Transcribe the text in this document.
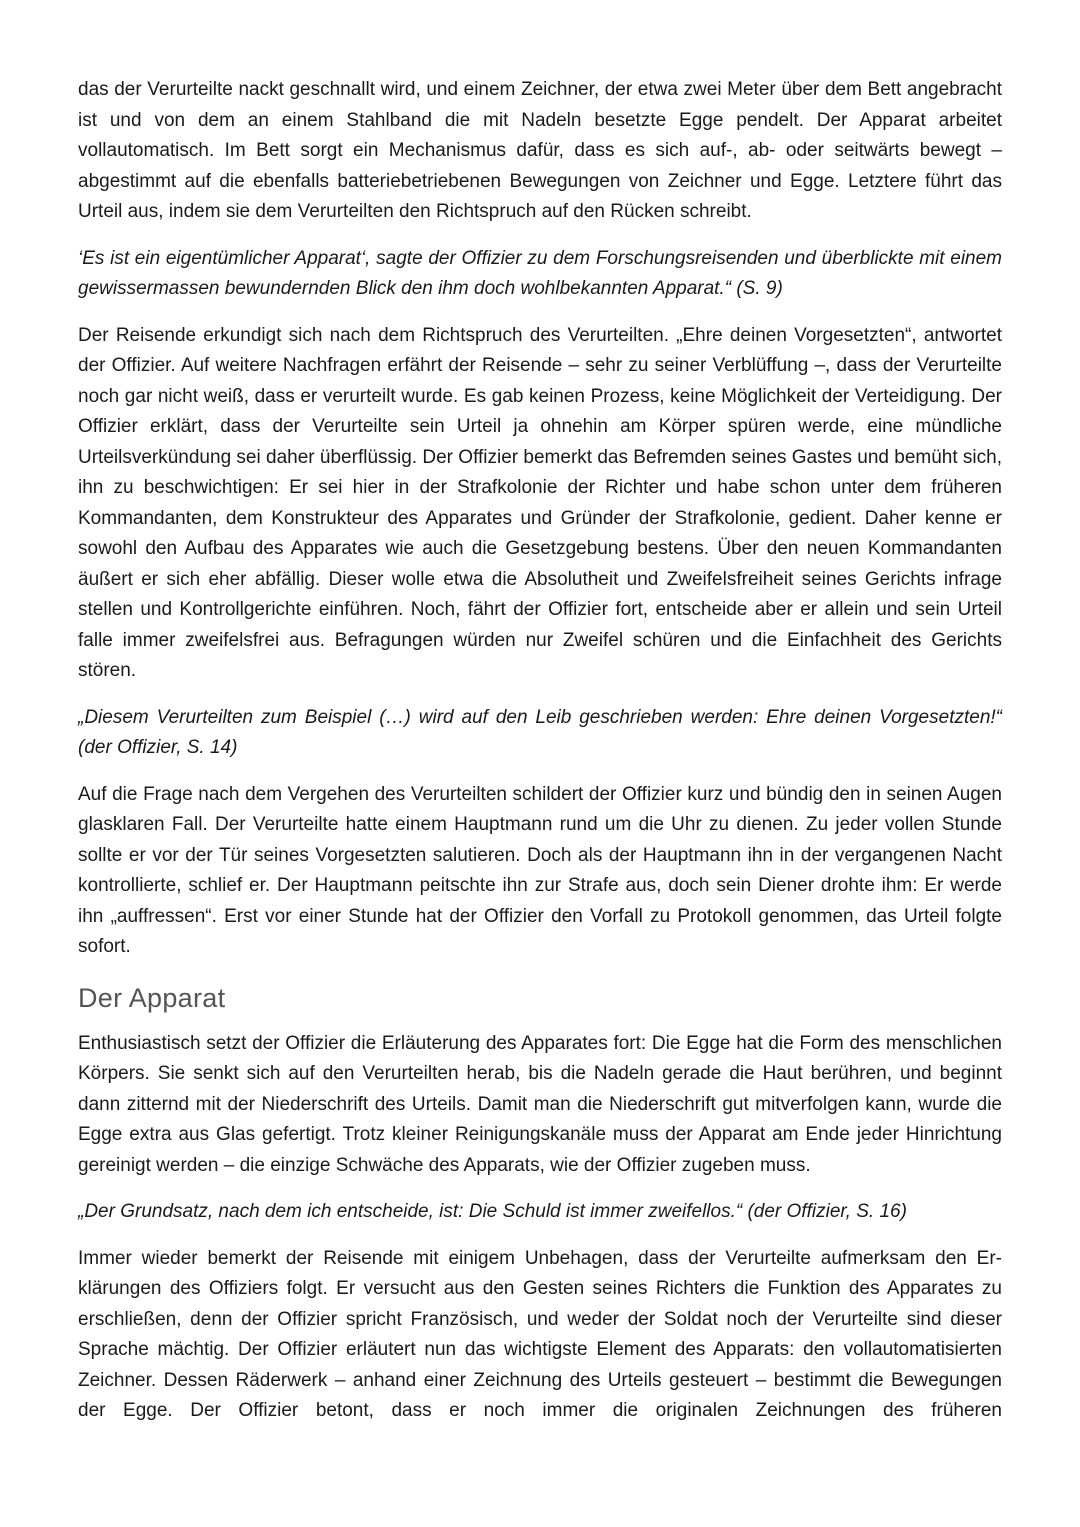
das der Verurteilte nackt geschnallt wird, und einem Zeichner, der etwa zwei Meter über dem Bett angebracht ist und von dem an einem Stahlband die mit Nadeln besetzte Egge pendelt. Der Apparat arbeitet vollautomatisch. Im Bett sorgt ein Mechanismus dafür, dass es sich auf-, ab- oder seitwärts bewegt – abgestimmt auf die ebenfalls batteriebetriebenen Bewegungen von Zeichner und Egge. Letztere führt das Urteil aus, indem sie dem Verurteilten den Richtspruch auf den Rücken schreibt.

‘Es ist ein eigentümlicher Apparat‘, sagte der Offizier zu dem Forschungsreisenden und überblickte mit einem gewissermassen bewundernden Blick den ihm doch wohlbekannten Apparat.“ (S. 9)

Der Reisende erkundigt sich nach dem Richtspruch des Verurteilten. „Ehre deinen Vorgesetzten“, antwortet der Offizier. Auf weitere Nachfragen erfährt der Reisende – sehr zu seiner Verblüffung –, dass der Verurteilte noch gar nicht weiß, dass er verurteilt wurde. Es gab keinen Prozess, keine Möglichkeit der Verteidigung. Der Offizier erklärt, dass der Verurteilte sein Urteil ja ohnehin am Körper spüren werde, eine mündliche Urteilsverkündung sei daher überflüssig. Der Offizier bemerkt das Befremden seines Gastes und bemüht sich, ihn zu beschwichtigen: Er sei hier in der Strafkolonie der Richter und habe schon unter dem früheren Kommandanten, dem Konstrukteur des Apparates und Gründer der Strafkolonie, gedient. Daher kenne er sowohl den Aufbau des Apparates wie auch die Gesetzgebung bestens. Über den neuen Kommandanten äußert er sich eher abfällig. Dieser wolle etwa die Absolutheit und Zweifelsfreiheit seines Gerichts infrage stellen und Kontrollgerichte einführen. Noch, fährt der Offizier fort, entscheide aber er allein und sein Urteil falle immer zweifelsfrei aus. Befragungen würden nur Zweifel schüren und die Einfachheit des Gerichts stören.

„Diesem Verurteilten zum Beispiel (…) wird auf den Leib geschrieben werden: Ehre deinen Vorgesetzten!“ (der Offizier, S. 14)

Auf die Frage nach dem Vergehen des Verurteilten schildert der Offizier kurz und bündig den in seinen Augen glasklaren Fall. Der Verurteilte hatte einem Hauptmann rund um die Uhr zu dienen. Zu jeder vollen Stunde sollte er vor der Tür seines Vorgesetzten salutieren. Doch als der Hauptmann ihn in der vergangenen Nacht kontrollierte, schlief er. Der Hauptmann peitschte ihn zur Strafe aus, doch sein Diener drohte ihm: Er werde ihn „auffressen“. Erst vor einer Stunde hat der Offizier den Vorfall zu Protokoll genommen, das Urteil folgte sofort.

Der Apparat

Enthusiastisch setzt der Offizier die Erläuterung des Apparates fort: Die Egge hat die Form des menschlichen Körpers. Sie senkt sich auf den Verurteilten herab, bis die Nadeln gerade die Haut berühren, und beginnt dann zitternd mit der Niederschrift des Urteils. Damit man die Niederschrift gut mitverfolgen kann, wurde die Egge extra aus Glas gefertigt. Trotz kleiner Reinigungskanäle muss der Apparat am Ende jeder Hinrichtung gereinigt werden – die einzige Schwäche des Apparats, wie der Offizier zugeben muss.

„Der Grundsatz, nach dem ich entscheide, ist: Die Schuld ist immer zweifellos.“ (der Offizier, S. 16)

Immer wieder bemerkt der Reisende mit einigem Unbehagen, dass der Verurteilte aufmerksam den Erklärungen des Offiziers folgt. Er versucht aus den Gesten seines Richters die Funktion des Apparates zu erschließen, denn der Offizier spricht Französisch, und weder der Soldat noch der Verurteilte sind dieser Sprache mächtig. Der Offizier erläutert nun das wichtigste Element des Apparats: den vollautomatisierten Zeichner. Dessen Räderwerk – anhand einer Zeichnung des Urteils gesteuert – bestimmt die Bewegungen der Egge. Der Offizier betont, dass er noch immer die originalen Zeichnungen des früheren
